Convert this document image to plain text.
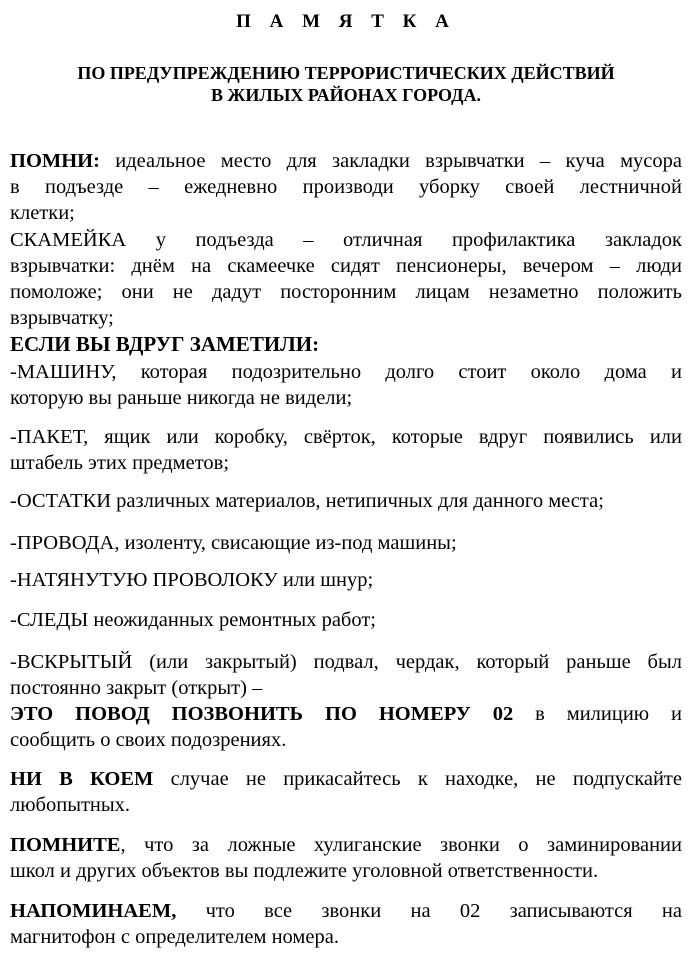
П А М Я Т К А
ПО ПРЕДУПРЕЖДЕНИЮ ТЕРРОРИСТИЧЕСКИХ ДЕЙСТВИЙ
В ЖИЛЫХ РАЙОНАХ ГОРОДА.
ПОМНИ: идеальное место для закладки взрывчатки – куча мусора
в подъезде – ежедневно производи уборку своей лестничной
клетки;
СКАМЕЙКА у подъезда – отличная профилактика закладок
взрывчатки: днём на скамеечке сидят пенсионеры, вечером – люди
помоложе; они не дадут посторонним лицам незаметно положить
взрывчатку;
ЕСЛИ ВЫ ВДРУГ ЗАМЕТИЛИ:
-МАШИНУ, которая подозрительно долго стоит около дома и
которую вы раньше никогда не видели;
-ПАКЕТ, ящик или коробку, свёрток, которые вдруг появились или
штабель этих предметов;
-ОСТАТКИ различных материалов, нетипичных для данного места;
-ПРОВОДА, изоленту, свисающие из-под машины;
-НАТЯНУТУЮ ПРОВОЛОКУ или шнур;
-СЛЕДЫ неожиданных ремонтных работ;
-ВСКРЫТЫЙ (или закрытый) подвал, чердак, который раньше был
постоянно закрыт (открыт) –
ЭТО ПОВОД ПОЗВОНИТЬ ПО НОМЕРУ 02 в милицию и
сообщить о своих подозрениях.
НИ В КОЕМ случае не прикасайтесь к находке, не подпускайте
любопытных.
ПОМНИТЕ, что за ложные хулиганские звонки о заминировании
школ и других объектов вы подлежите уголовной ответственности.
НАПОМИНАЕМ, что все звонки на 02 записываются на
магнитофон с определителем номера.
